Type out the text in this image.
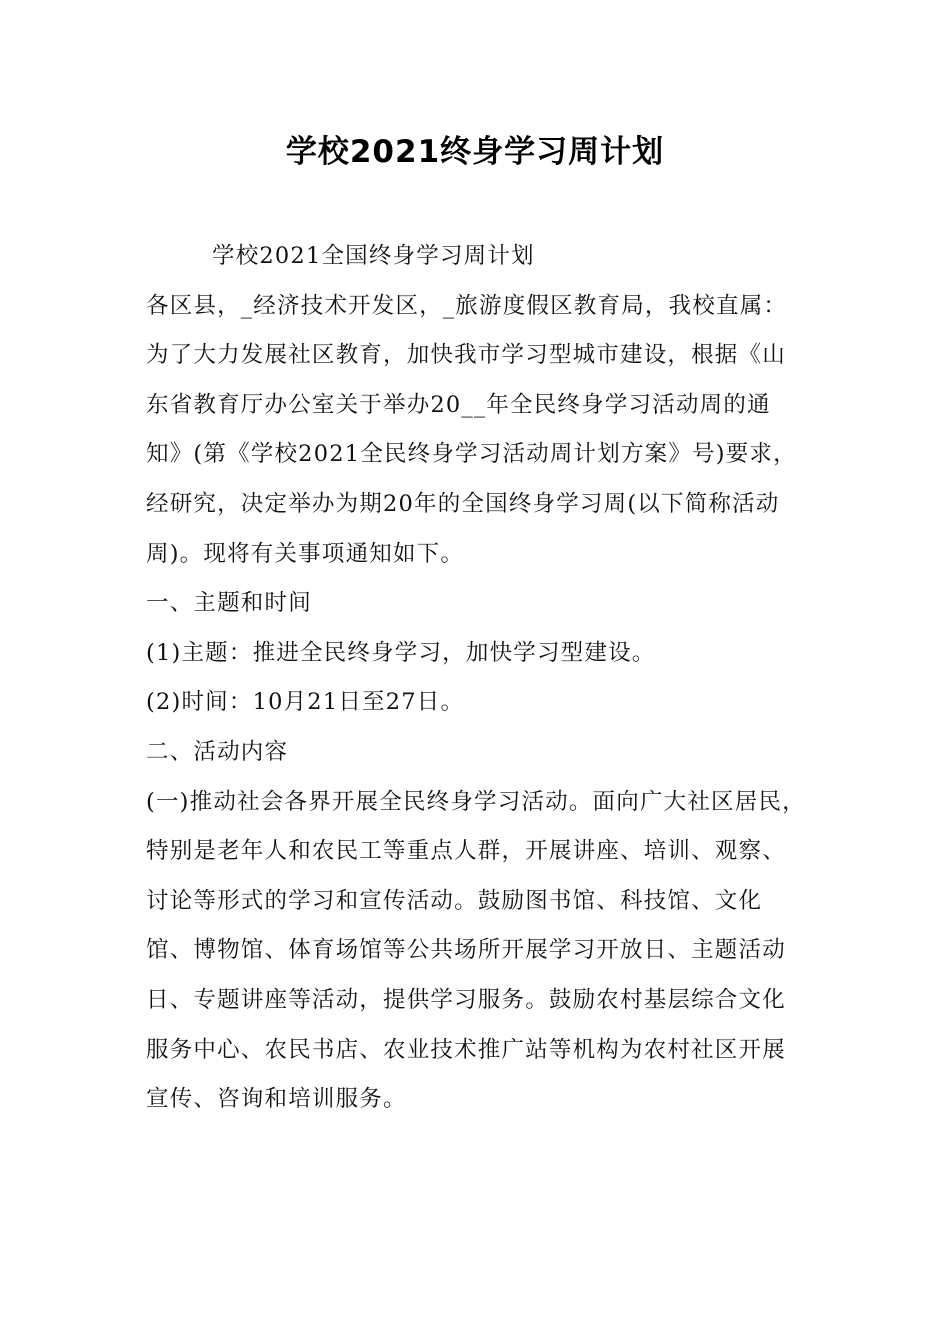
学校2021终身学习周计划

学校2021全国终身学习周计划

各区县，_经济技术开发区，_旅游度假区教育局，我校直属：

为了大力发展社区教育，加快我市学习型城市建设，根据《山东省教育厅办公室关于举办20__年全民终身学习活动周的通知》(第《学校2021全民终身学习活动周计划方案》号)要求，经研究，决定举办为期20年的全国终身学习周(以下简称活动周)。现将有关事项通知如下。

一、主题和时间

(1)主题：推进全民终身学习，加快学习型建设。

(2)时间：10月21日至27日。

二、活动内容

(一)推动社会各界开展全民终身学习活动。面向广大社区居民，特别是老年人和农民工等重点人群，开展讲座、培训、观察、讨论等形式的学习和宣传活动。鼓励图书馆、科技馆、文化馆、博物馆、体育场馆等公共场所开展学习开放日、主题活动日、专题讲座等活动，提供学习服务。鼓励农村基层综合文化服务中心、农民书店、农业技术推广站等机构为农村社区开展宣传、咨询和培训服务。
